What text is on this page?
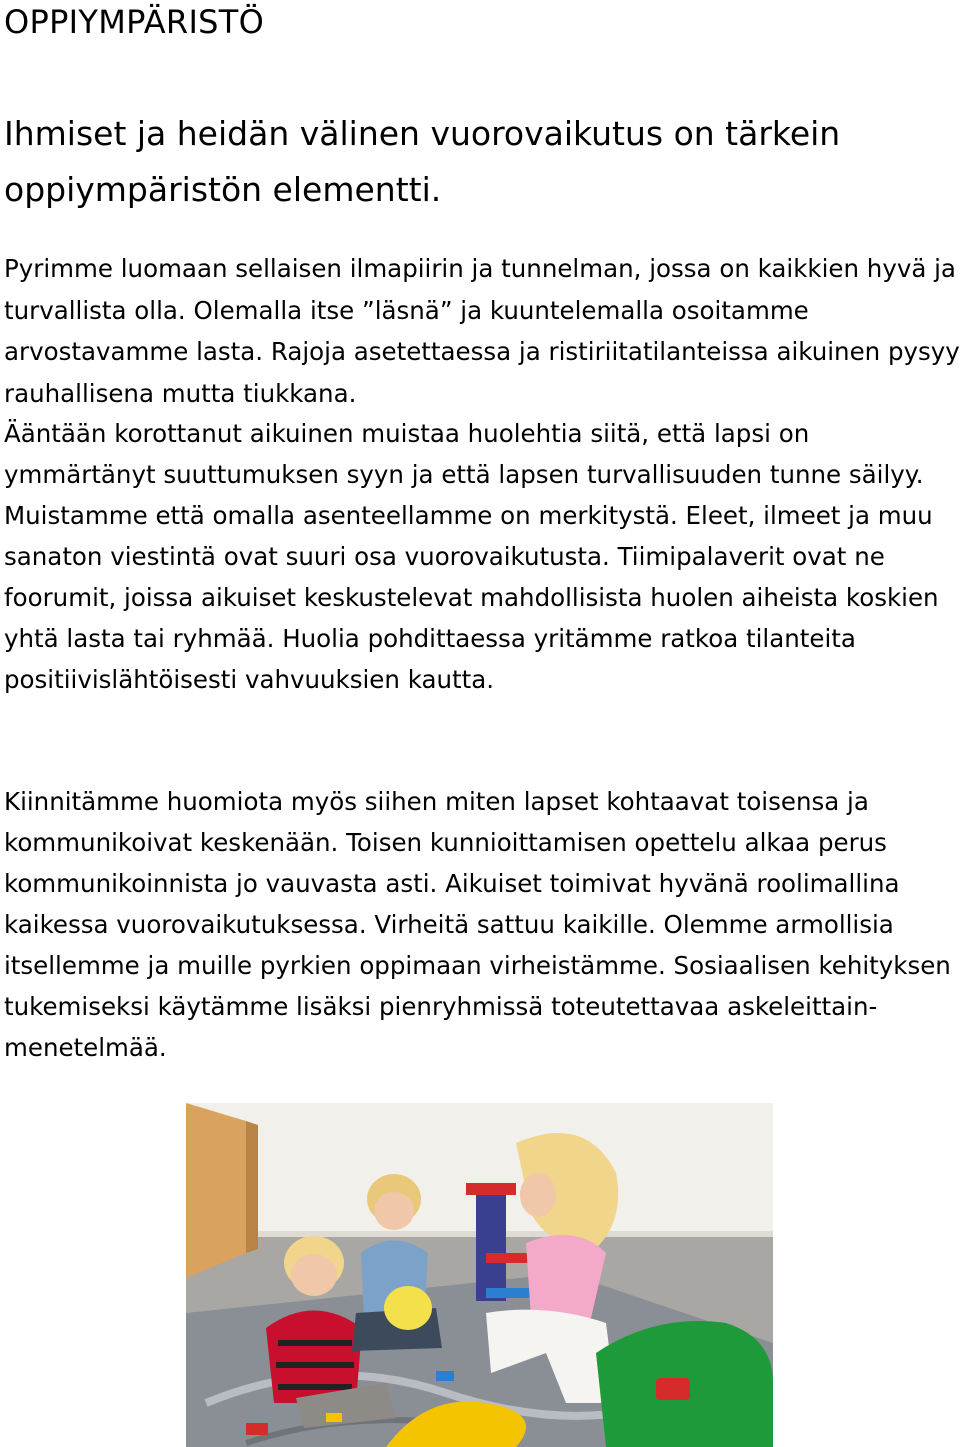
OPPIYMPÄRISTÖ
Ihmiset ja heidän välinen vuorovaikutus on tärkein oppiympäristön elementti.

Pyrimme luomaan sellaisen ilmapiirin ja tunnelman, jossa on kaikkien hyvä ja turvallista olla. Olemalla itse ”läsnä” ja kuuntelemalla osoitamme arvostavamme lasta. Rajoja asetettaessa ja ristiriitatilanteissa aikuinen pysyy rauhallisena mutta tiukkana.

Ääntään korottanut aikuinen muistaa huolehtia siitä, että lapsi on ymmärtänyt suuttumuksen syyn ja että lapsen turvallisuuden tunne säilyy. Muistamme että omalla asenteellamme on merkitystä. Eleet, ilmeet ja muu sanaton viestintä ovat suuri osa vuorovaikutusta. Tiimipalaverit ovat ne foorumit, joissa aikuiset keskustelevat mahdollisista huolen aiheista koskien yhtä lasta tai ryhmää. Huolia pohdittaessa yritämme ratkoa tilanteita positiivislähtöisesti vahvuuksien kautta.

Kiinnitämme huomiota myös siihen miten lapset kohtaavat toisensa ja kommunikoivat keskenään. Toisen kunnioittamisen opettelu alkaa perus kommunikoinnista jo vauvasta asti. Aikuiset toimivat hyvänä roolimallina kaikessa vuorovaikutuksessa. Virheitä sattuu kaikille. Olemme armollisia itsellemme ja muille pyrkien oppimaan virheistämme. Sosiaalisen kehityksen tukemiseksi käytämme lisäksi pienryhmissä toteutettavaa askeleittain-menetelmää.
